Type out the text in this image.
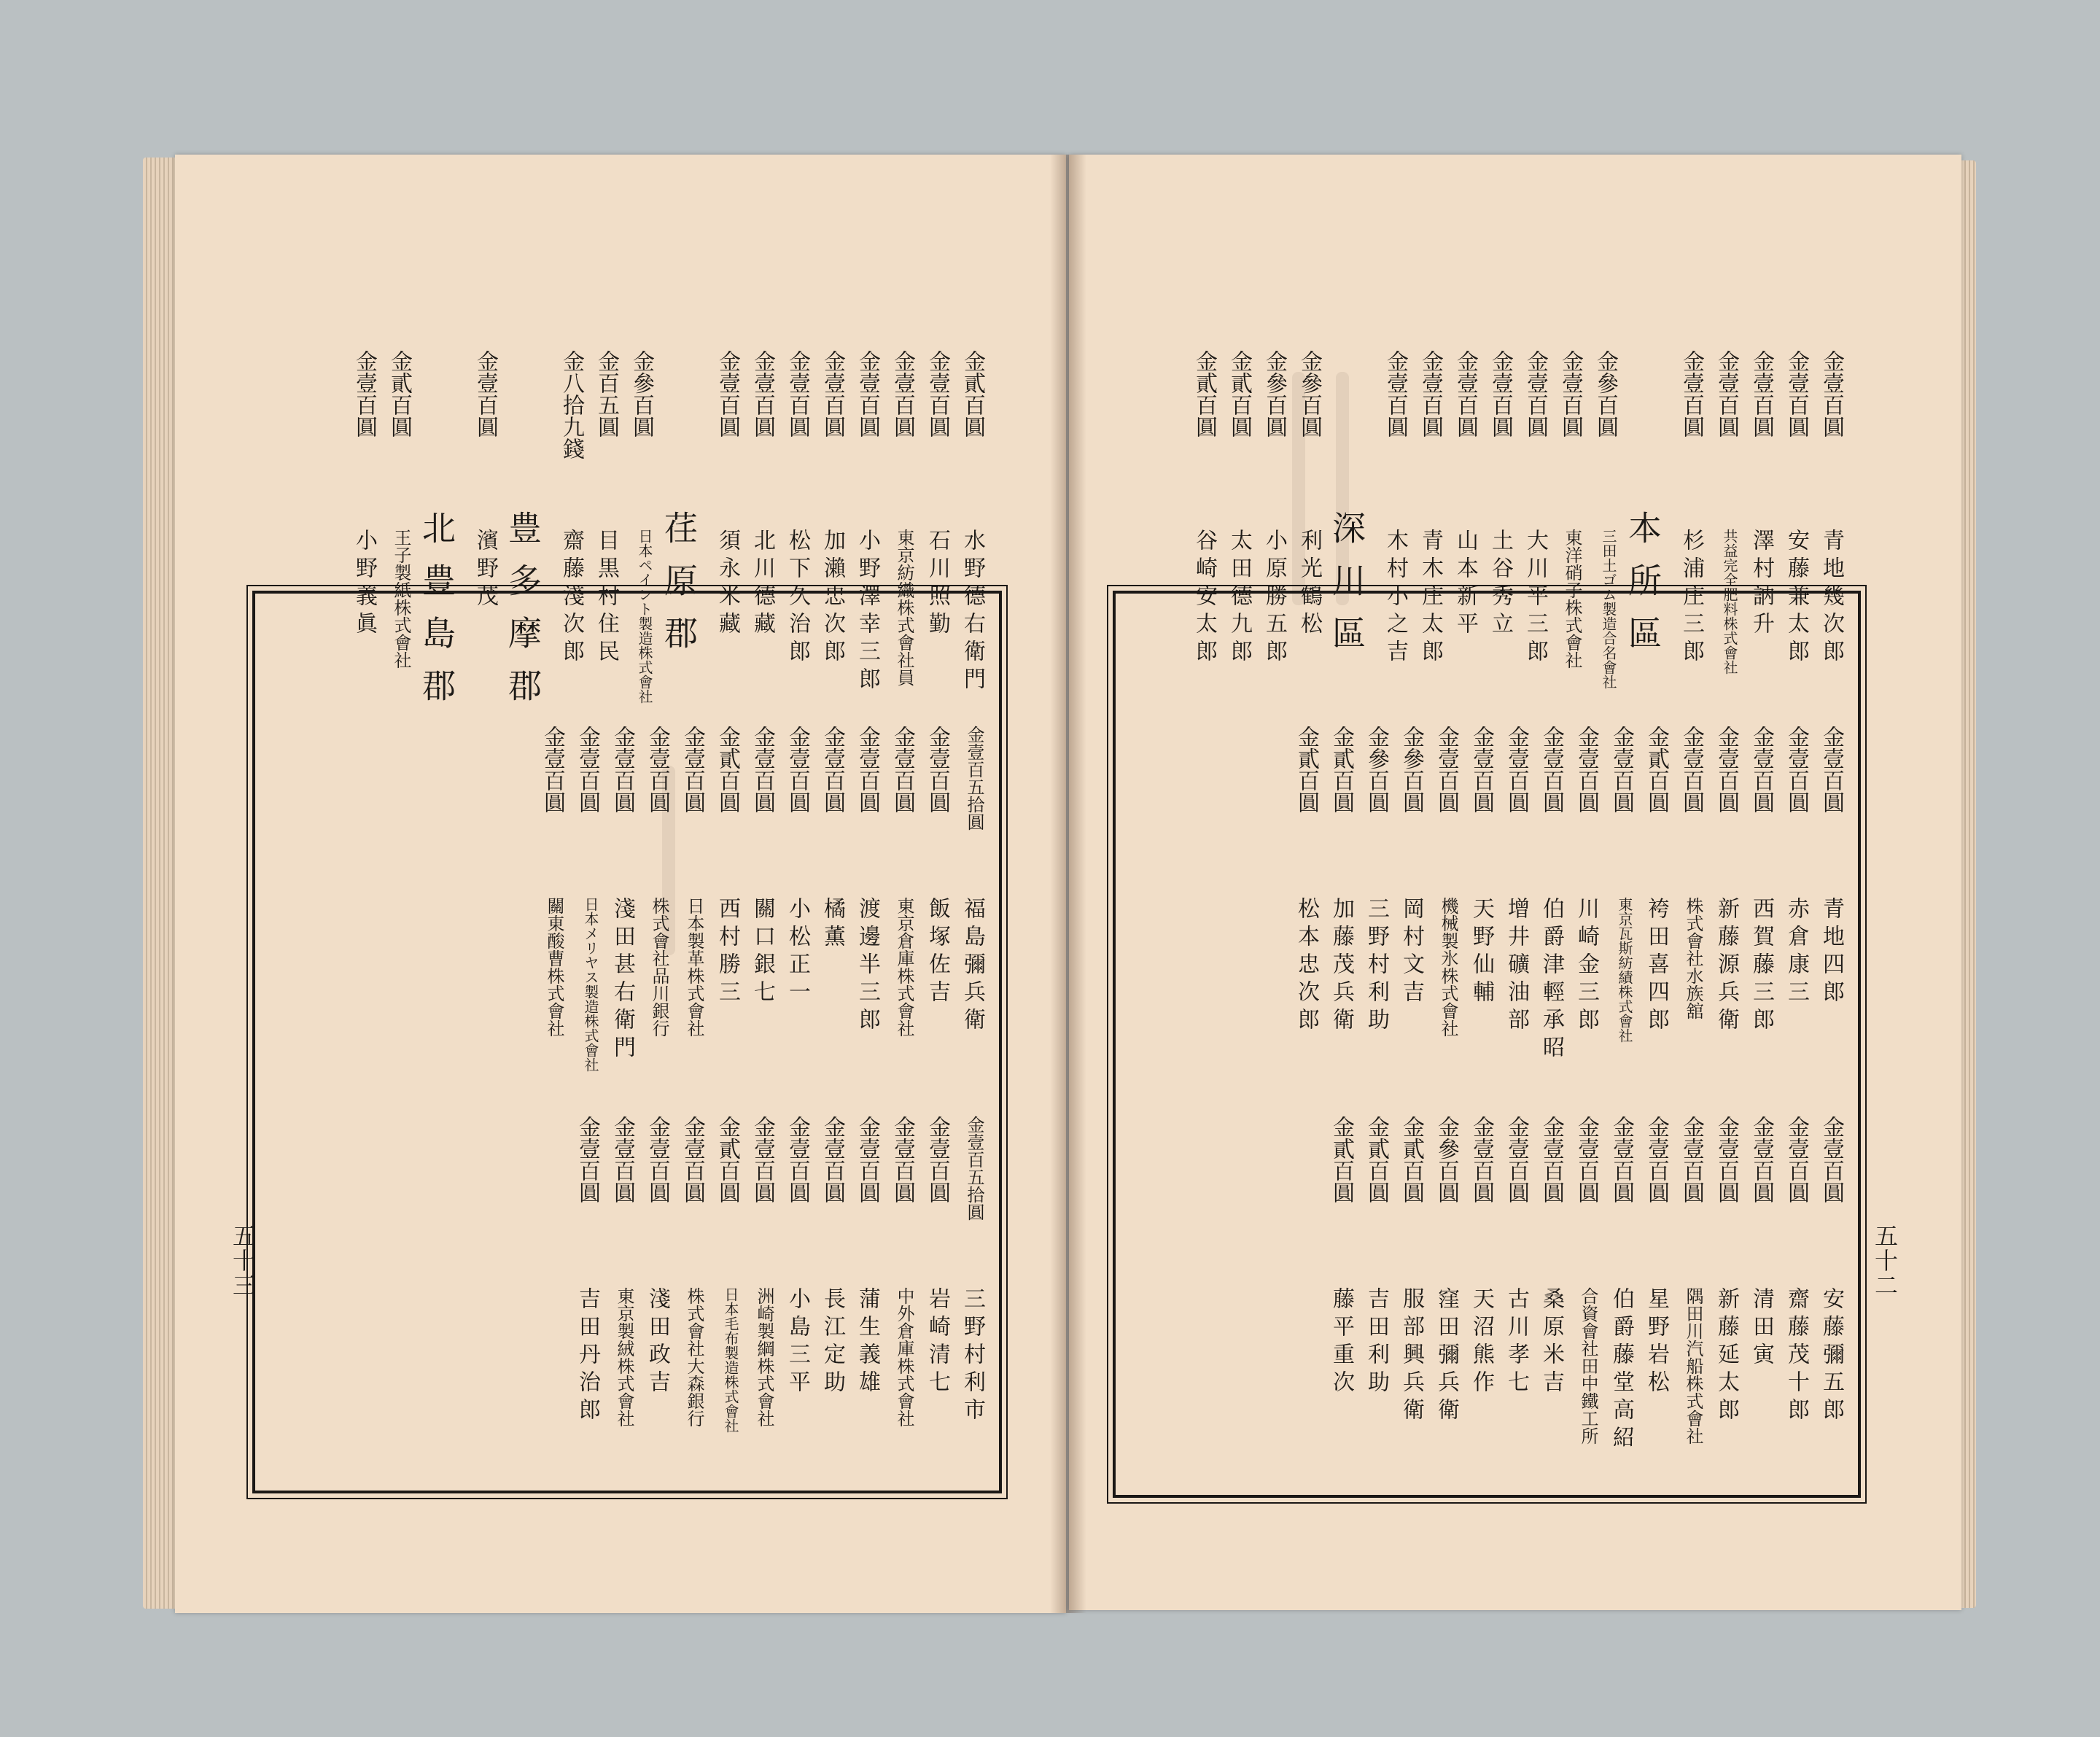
五十三	五十二
金貳百圓
水野德右衛門
金壹百圓
石川照勤
金壹百圓
東京紡織株式會社員
金壹百圓
小野澤幸三郎
金壹百圓
加瀨忠次郎
金壹百圓
松下久治郎
金壹百圓
北川德藏
金壹百圓
須永米藏
荏原郡
金參百圓
日本ペイント製造株式會社
金百五圓
目黒村住民
金八拾九錢
齋藤淺次郎
豊多摩郡
金壹百圓
濱野茂
北豊島郡
金貳百圓
王子製紙株式會社
金壹百圓
小野義眞
金壹百五拾圓
福島彌兵衛
金壹百圓
飯塚佐吉
金壹百圓
東京倉庫株式會社
金壹百圓
渡邊半三郎
金壹百圓
橘薫
金壹百圓
小松正一
金壹百圓
關口銀七
金貳百圓
西村勝三
金壹百圓
日本製革株式會社
金壹百圓
株式會社品川銀行
金壹百圓
淺田甚右衛門
金壹百圓
日本メリヤス製造株式會社
金壹百圓
關東酸曹株式會社
金壹百五拾圓
三野村利市
金壹百圓
岩崎清七
金壹百圓
中外倉庫株式會社
金壹百圓
蒲生義雄
金壹百圓
長江定助
金壹百圓
小島三平
金壹百圓
洲崎製綱株式會社
金貳百圓
日本毛布製造株式會社
金壹百圓
株式會社大森銀行
金壹百圓
淺田政吉
金壹百圓
東京製絨株式會社
金壹百圓
吉田丹治郎
金壹百圓
青地幾次郎
金壹百圓
安藤兼太郎
金壹百圓
澤村訥升
金壹百圓
共益完全肥料株式會社
金壹百圓
杉浦庄三郎
本所區
金參百圓
三田土ゴム製造合名會社
金壹百圓
東洋硝子株式會社
金壹百圓
大川平三郎
金壹百圓
土谷秀立
金壹百圓
山本新平
金壹百圓
青木庄太郎
金壹百圓
木村小之吉
深川區
金參百圓
利光鶴松
金參百圓
小原勝五郎
金貳百圓
太田德九郎
金貳百圓
谷崎安太郎
金壹百圓
青地四郎
金壹百圓
赤倉康三
金壹百圓
西賀藤三郎
金壹百圓
新藤源兵衛
金壹百圓
株式會社水族舘
金貳百圓
袴田喜四郎
金壹百圓
東京瓦斯紡績株式會社
金壹百圓
川崎金三郎
金壹百圓
伯爵津輕承昭
金壹百圓
增井礦油部
金壹百圓
天野仙輔
金壹百圓
機械製氷株式會社
金參百圓
岡村文吉
金參百圓
三野村利助
金貳百圓
加藤茂兵衛
金貳百圓
松本忠次郎
金壹百圓
安藤彌五郎
金壹百圓
齋藤茂十郎
金壹百圓
清田寅
金壹百圓
新藤延太郎
金壹百圓
隅田川汽船株式會社
金壹百圓
星野岩松
金壹百圓
伯爵藤堂高紹
金壹百圓
合資會社田中鐵工所
金壹百圓
桑原米吉
金壹百圓
古川孝七
金壹百圓
天沼熊作
金參百圓
窪田彌兵衛
金貳百圓
服部興兵衛
金貳百圓
吉田利助
金貳百圓
藤平重次
